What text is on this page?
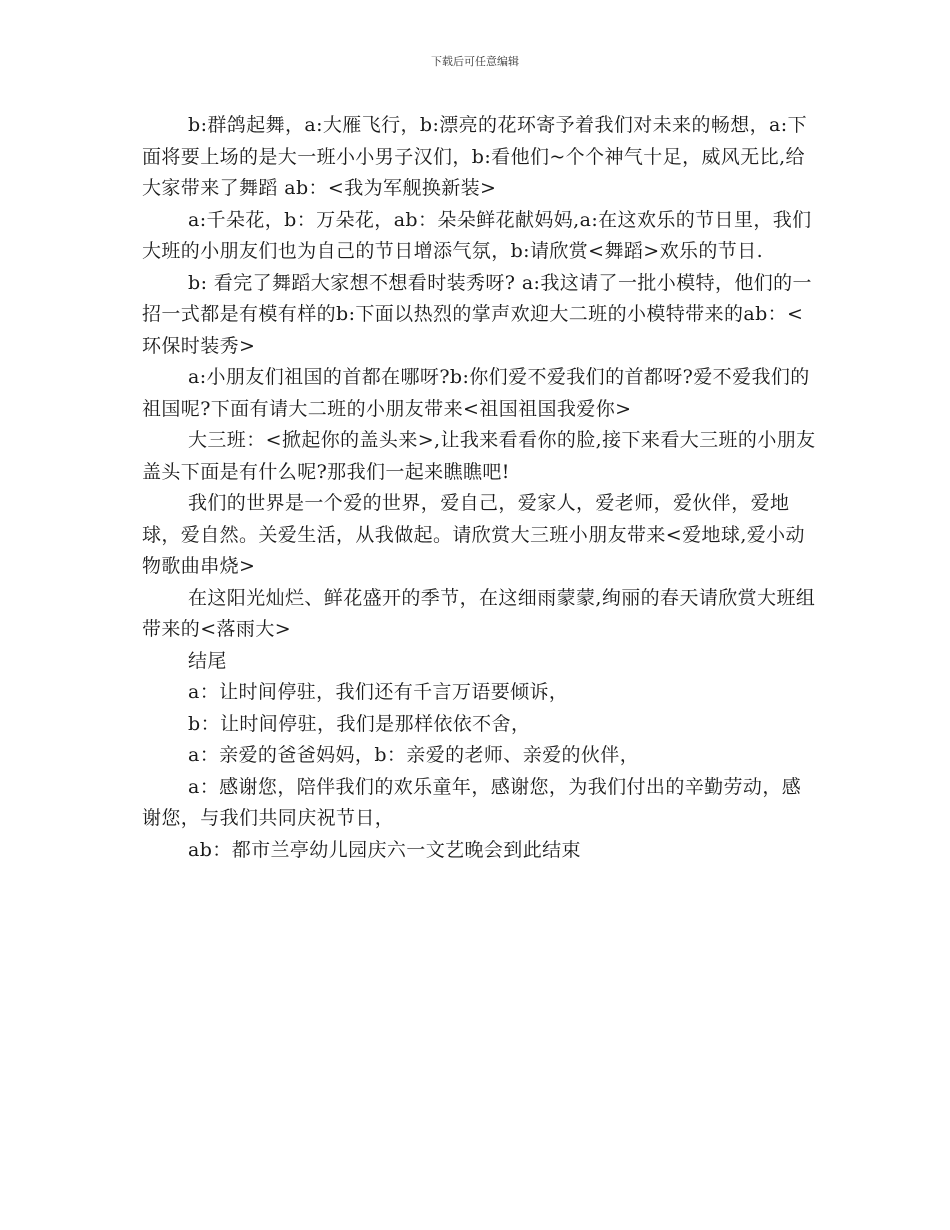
下载后可任意编辑

b:群鸽起舞，a:大雁飞行，b:漂亮的花环寄予着我们对未来的畅想，a:下面将要上场的是大一班小小男子汉们，b:看他们~个个神气十足，威风无比,给大家带来了舞蹈 ab：<我为军舰换新装>

a:千朵花，b：万朵花，ab：朵朵鲜花献妈妈,a:在这欢乐的节日里，我们大班的小朋友们也为自己的节日增添气氛，b:请欣赏<舞蹈>欢乐的节日.

b: 看完了舞蹈大家想不想看时装秀呀? a:我这请了一批小模特，他们的一招一式都是有模有样的b:下面以热烈的掌声欢迎大二班的小模特带来的ab：<环保时装秀>

a:小朋友们祖国的首都在哪呀?b:你们爱不爱我们的首都呀?爱不爱我们的祖国呢?下面有请大二班的小朋友带来<祖国祖国我爱你>

大三班：<掀起你的盖头来>,让我来看看你的脸,接下来看大三班的小朋友盖头下面是有什么呢?那我们一起来瞧瞧吧!

我们的世界是一个爱的世界，爱自己，爱家人，爱老师，爱伙伴，爱地球，爱自然。关爱生活，从我做起。请欣赏大三班小朋友带来<爱地球,爱小动物歌曲串烧>

在这阳光灿烂、鲜花盛开的季节，在这细雨蒙蒙,绚丽的春天请欣赏大班组带来的<落雨大>

结尾

a：让时间停驻，我们还有千言万语要倾诉，

b：让时间停驻，我们是那样依依不舍，

a：亲爱的爸爸妈妈，b：亲爱的老师、亲爱的伙伴，

a：感谢您，陪伴我们的欢乐童年，感谢您，为我们付出的辛勤劳动，感谢您，与我们共同庆祝节日，

ab：都市兰亭幼儿园庆六一文艺晚会到此结束
